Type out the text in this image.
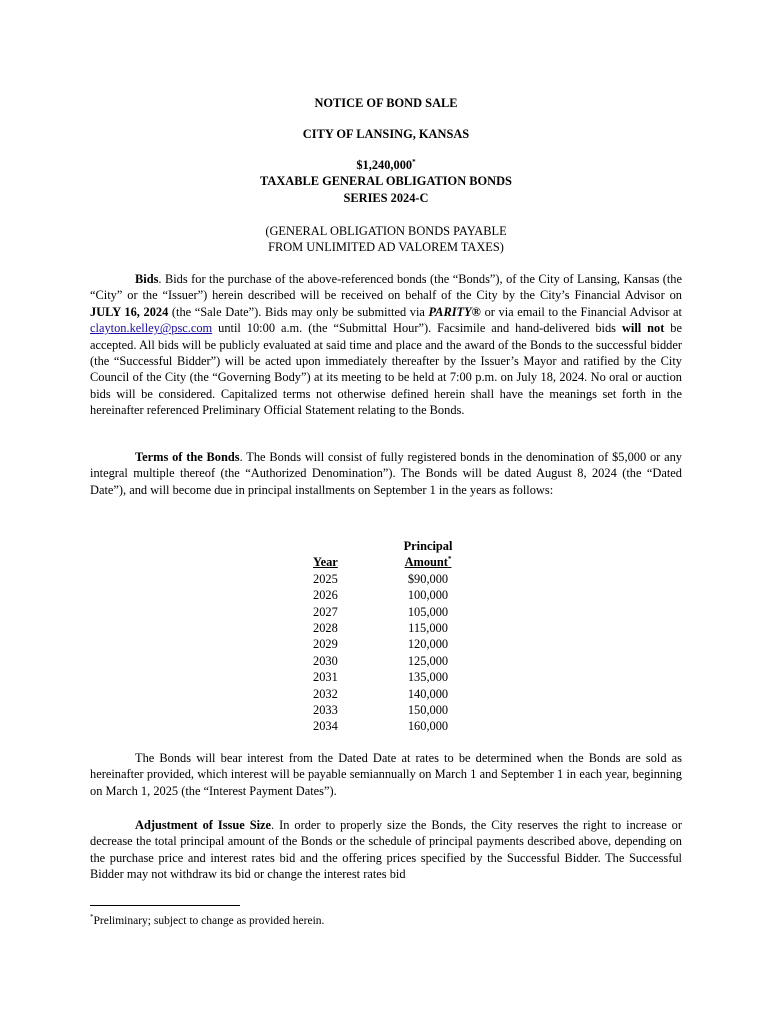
NOTICE OF BOND SALE
CITY OF LANSING, KANSAS
$1,240,000*
TAXABLE GENERAL OBLIGATION BONDS
SERIES 2024-C
(GENERAL OBLIGATION BONDS PAYABLE
FROM UNLIMITED AD VALOREM TAXES)

Bids. Bids for the purchase of the above-referenced bonds (the “Bonds”), of the City of Lansing, Kansas (the “City” or the “Issuer”) herein described will be received on behalf of the City by the City’s Financial Advisor on JULY 16, 2024 (the “Sale Date”). Bids may only be submitted via PARITY® or via email to the Financial Advisor at clayton.kelley@psc.com until 10:00 a.m. (the “Submittal Hour”). Facsimile and hand-delivered bids will not be accepted. All bids will be publicly evaluated at said time and place and the award of the Bonds to the successful bidder (the “Successful Bidder”) will be acted upon immediately thereafter by the Issuer’s Mayor and ratified by the City Council of the City (the “Governing Body”) at its meeting to be held at 7:00 p.m. on July 18, 2024. No oral or auction bids will be considered. Capitalized terms not otherwise defined herein shall have the meanings set forth in the hereinafter referenced Preliminary Official Statement relating to the Bonds.

Terms of the Bonds. The Bonds will consist of fully registered bonds in the denomination of $5,000 or any integral multiple thereof (the “Authorized Denomination”). The Bonds will be dated August 8, 2024 (the “Dated Date”), and will become due in principal installments on September 1 in the years as follows:

	Principal
Year	Amount*
2025	$90,000
2026	100,000
2027	105,000
2028	115,000
2029	120,000
2030	125,000
2031	135,000
2032	140,000
2033	150,000
2034	160,000

The Bonds will bear interest from the Dated Date at rates to be determined when the Bonds are sold as hereinafter provided, which interest will be payable semiannually on March 1 and September 1 in each year, beginning on March 1, 2025 (the “Interest Payment Dates”).

Adjustment of Issue Size. In order to properly size the Bonds, the City reserves the right to increase or decrease the total principal amount of the Bonds or the schedule of principal payments described above, depending on the purchase price and interest rates bid and the offering prices specified by the Successful Bidder. The Successful Bidder may not withdraw its bid or change the interest rates bid

*Preliminary; subject to change as provided herein.
